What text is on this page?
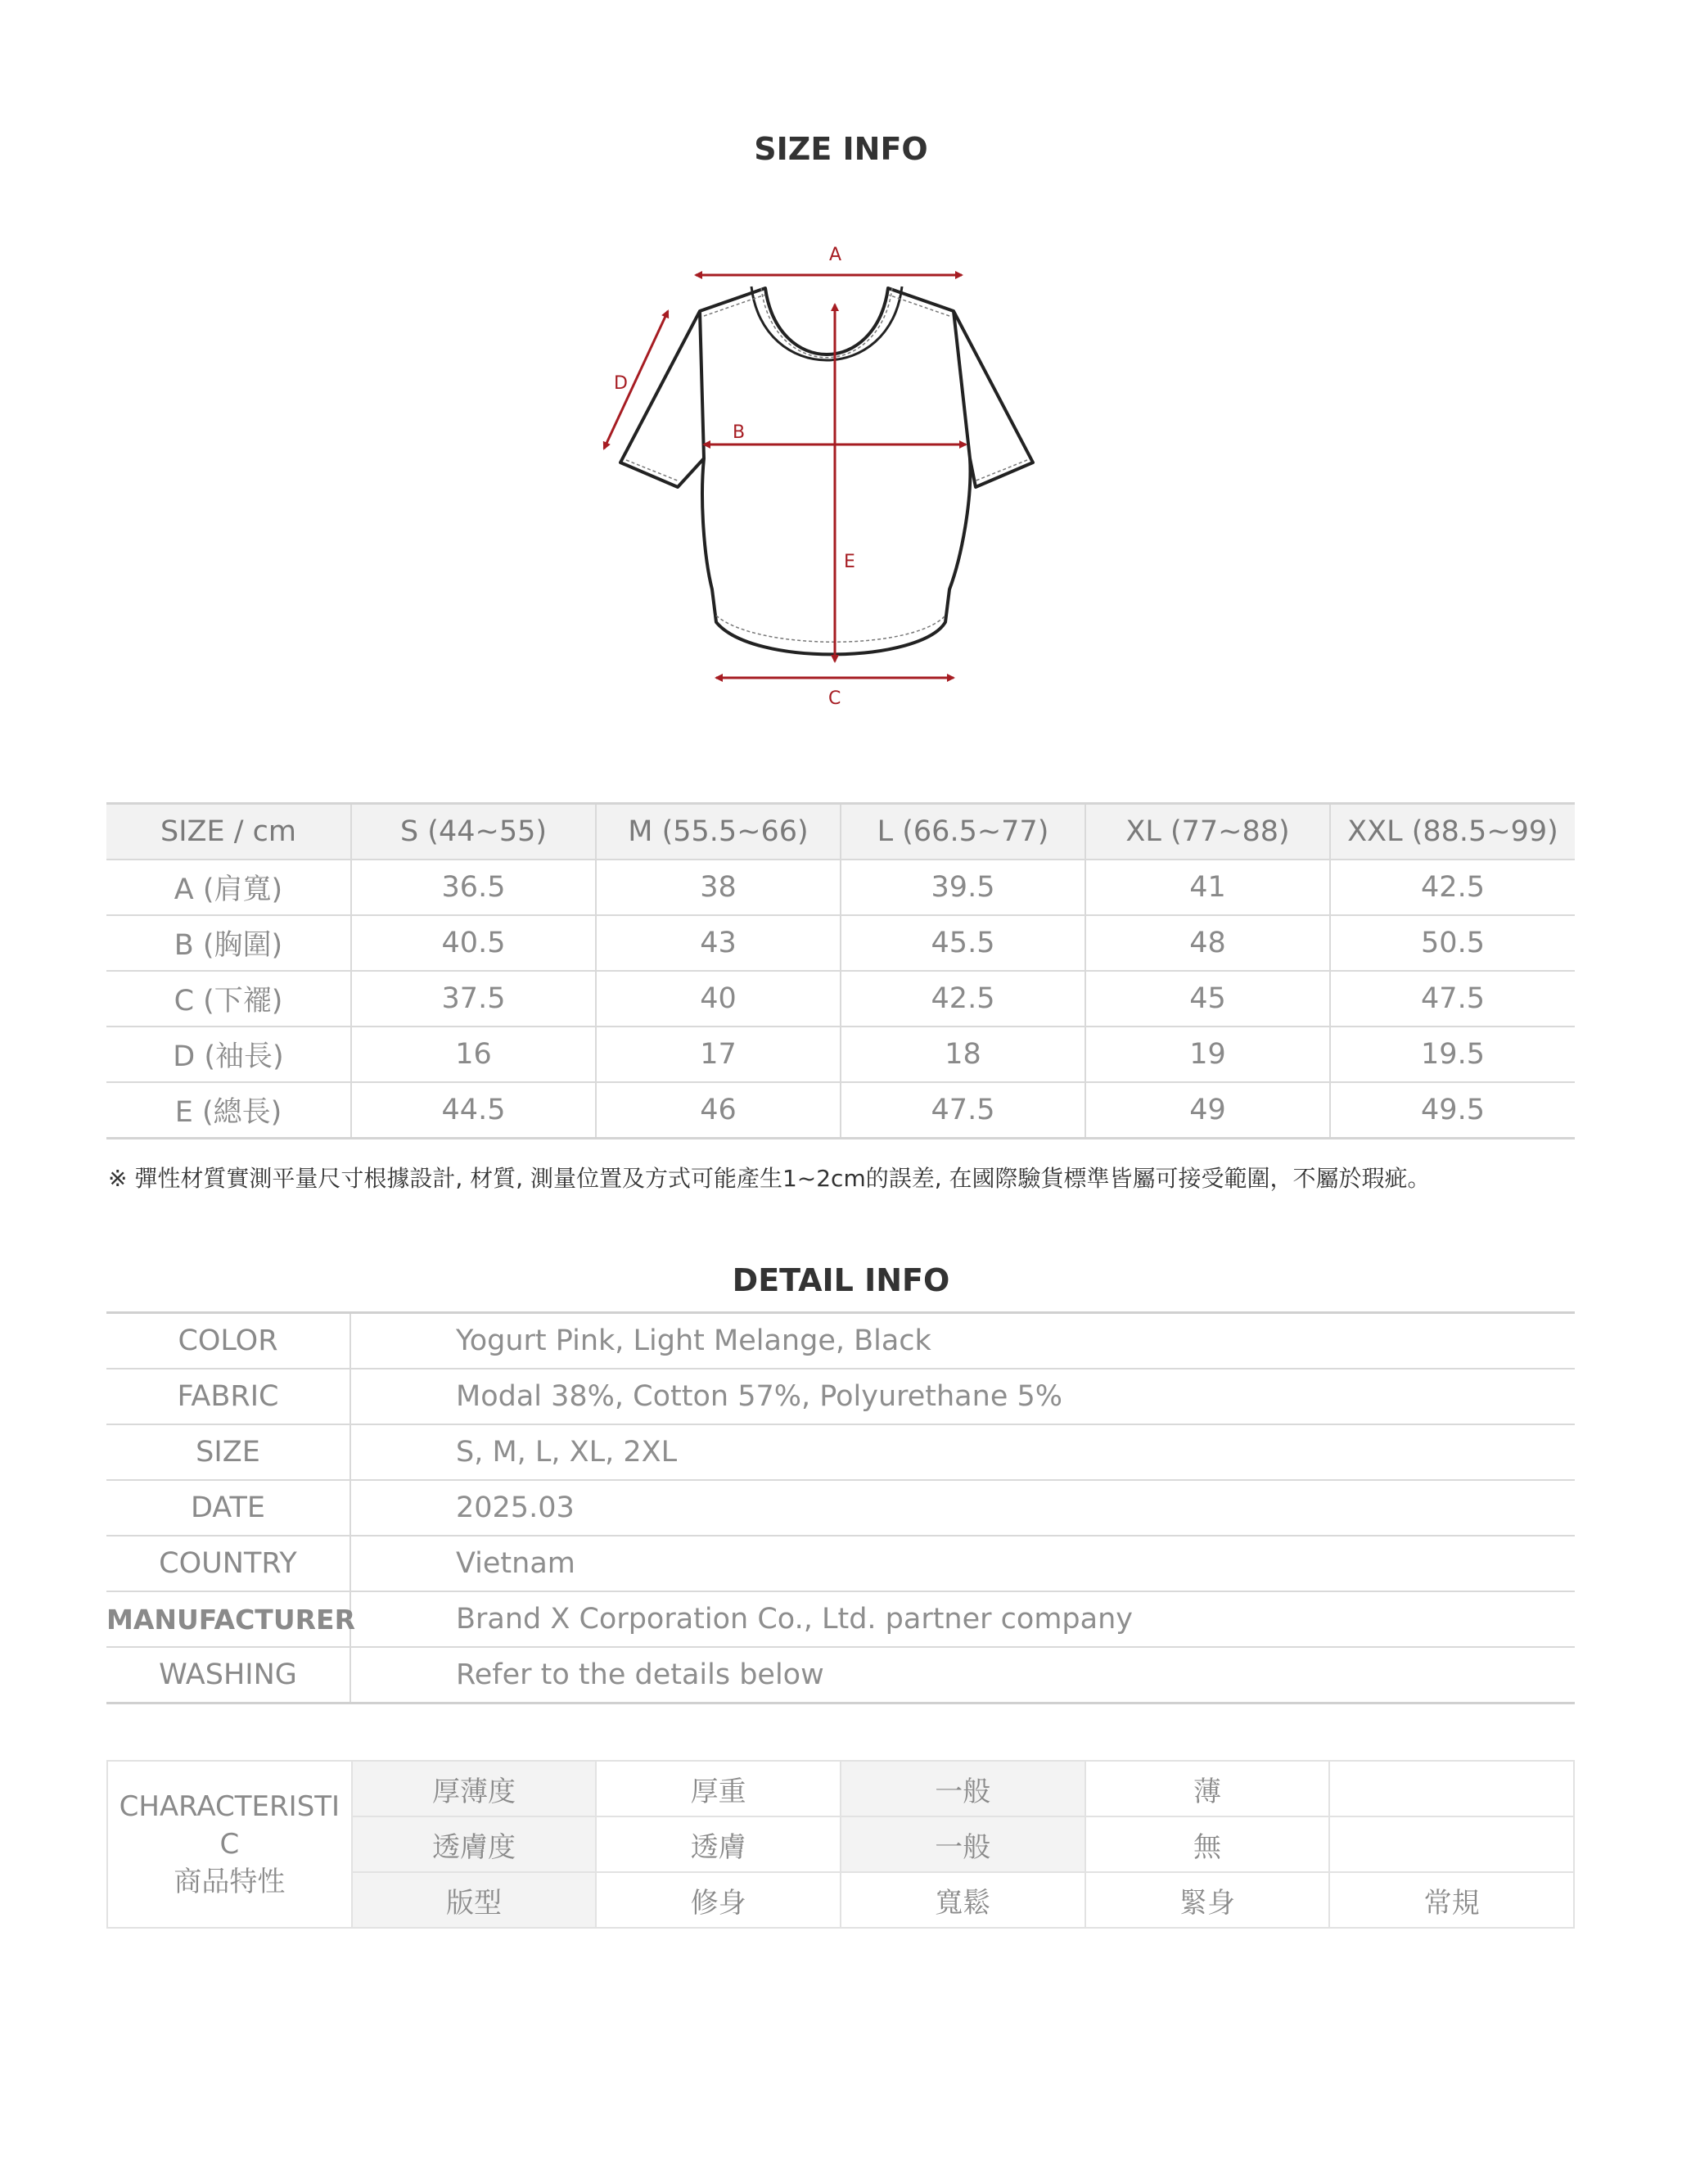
SIZE INFO
A
B
E
C
D
SIZE / cm	S (44~55)	M (55.5~66)	L (66.5~77)	XL (77~88)	XXL (88.5~99)
A (肩寬)	36.5	38	39.5	41	42.5
B (胸圍)	40.5	43	45.5	48	50.5
C (下襬)	37.5	40	42.5	45	47.5
D (袖長)	16	17	18	19	19.5
E (總長)	44.5	46	47.5	49	49.5
※ 彈性材質實測平量尺寸根據設計, 材質, 測量位置及方式可能產生1~2cm的誤差, 在國際驗貨標準皆屬可接受範圍，不屬於瑕疵。
DETAIL INFO
COLOR	Yogurt Pink, Light Melange, Black
FABRIC	Modal 38%, Cotton 57%, Polyurethane 5%
SIZE	S, M, L, XL, 2XL
DATE	2025.03
COUNTRY	Vietnam
MANUFACTURER	Brand X Corporation Co., Ltd. partner company
WASHING	Refer to the details below
CHARACTERISTIC
商品特性	厚薄度	厚重	一般	薄	
	透膚度	透膚	一般	無	
	版型	修身	寬鬆	緊身	常規
